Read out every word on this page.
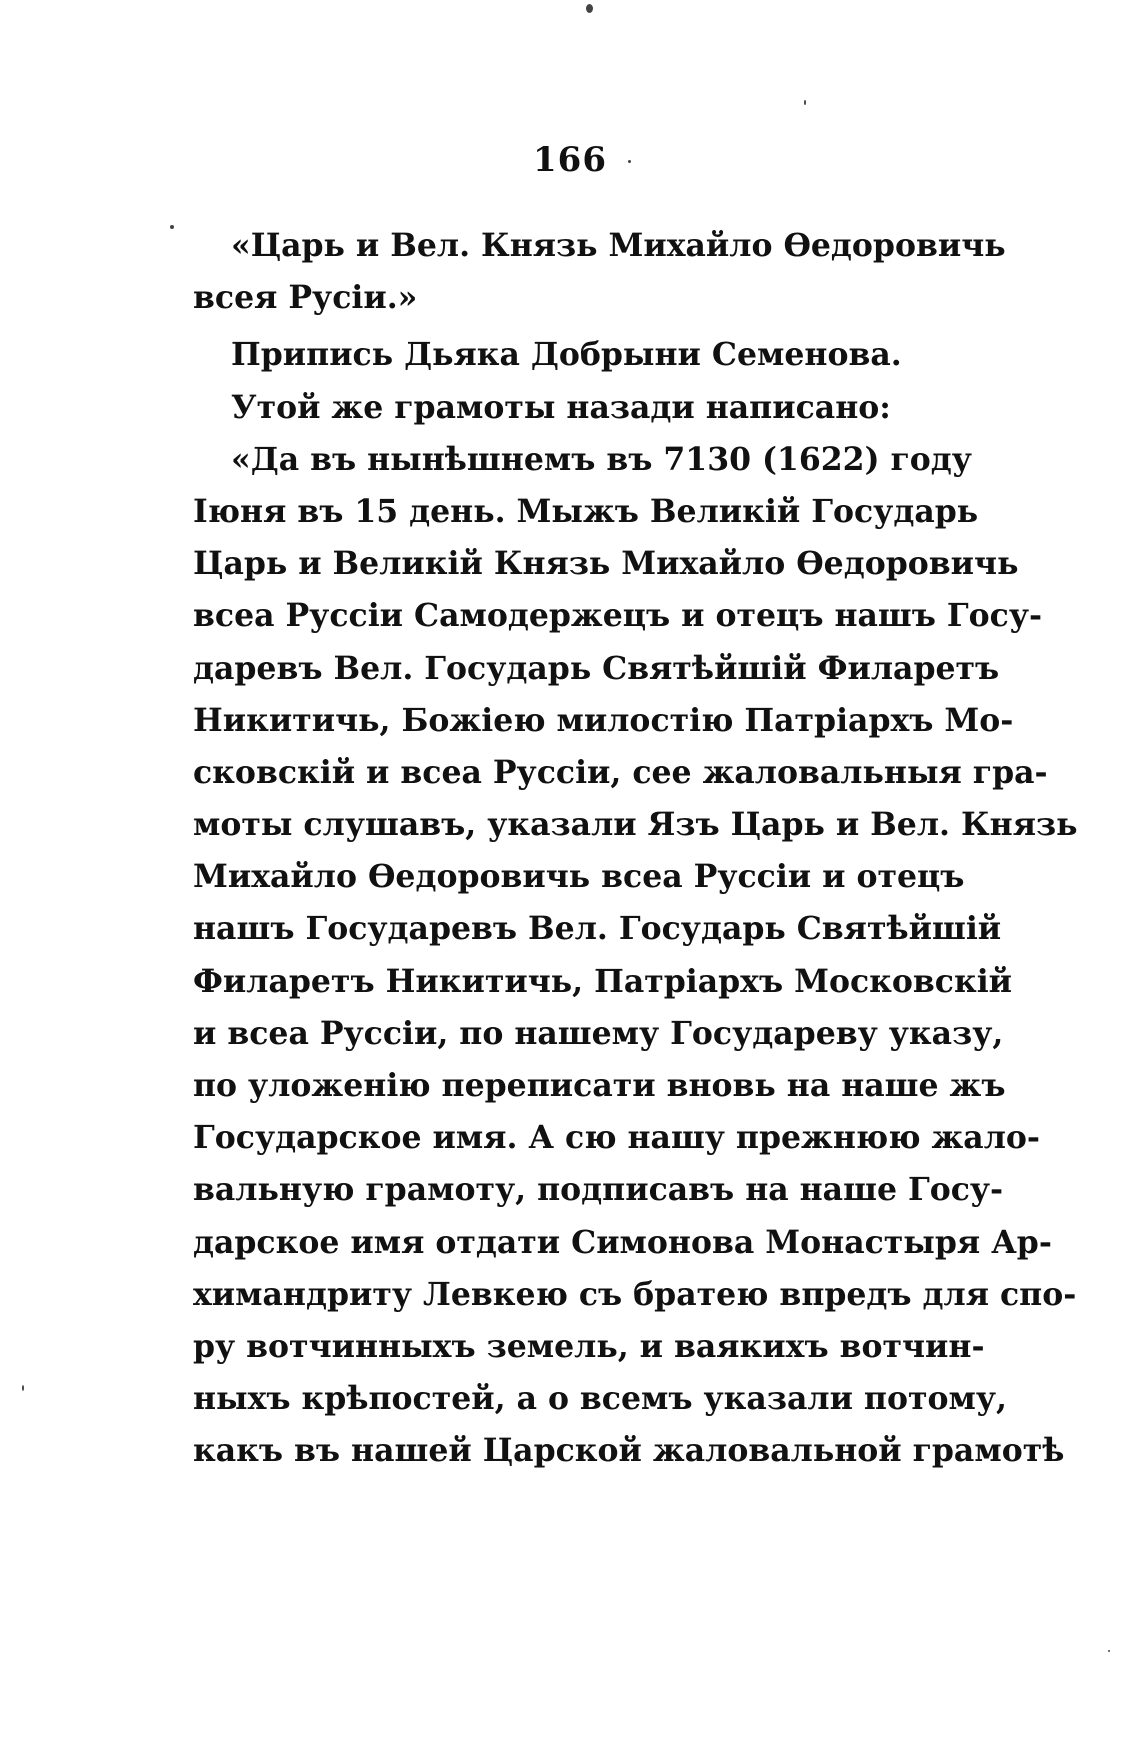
166
«Царь и Вел. Князь Михайло Өедоровичь
всея Русіи.»
Припись Дьяка Добрыни Семенова.
Утой же грамоты назади написано:
«Да въ нынѣшнемъ въ 7130 (1622) году
Іюня въ 15 день. Мыжъ Великій Государь
Царь и Великій Князь Михайло Өедоровичь
всеа Руссіи Самодержецъ и отецъ нашъ Госу-
даревъ Вел. Государь Святѣйшій Филаретъ
Никитичь, Божіею милостію Патріархъ Мо-
сковскій и всеа Руссіи, сее жаловальныя гра-
моты слушавъ, указали Язъ Царь и Вел. Князь
Михайло Өедоровичь всеа Руссіи и отецъ
нашъ Государевъ Вел. Государь Святѣйшій
Филаретъ Никитичь, Патріархъ Московскій
и всеа Руссіи, по нашему Государеву указу,
по уложенію переписати вновь на наше жъ
Государское имя. А сю нашу прежнюю жало-
вальную грамоту, подписавъ на наше Госу-
дарское имя отдати Симонова Монастыря Ар-
химандриту Левкею съ братею впредъ для спо-
ру вотчинныхъ земель, и ваякихъ вотчин-
ныхъ крѣпостей, а о всемъ указали потому,
какъ въ нашей Царской жаловальной грамотѣ
